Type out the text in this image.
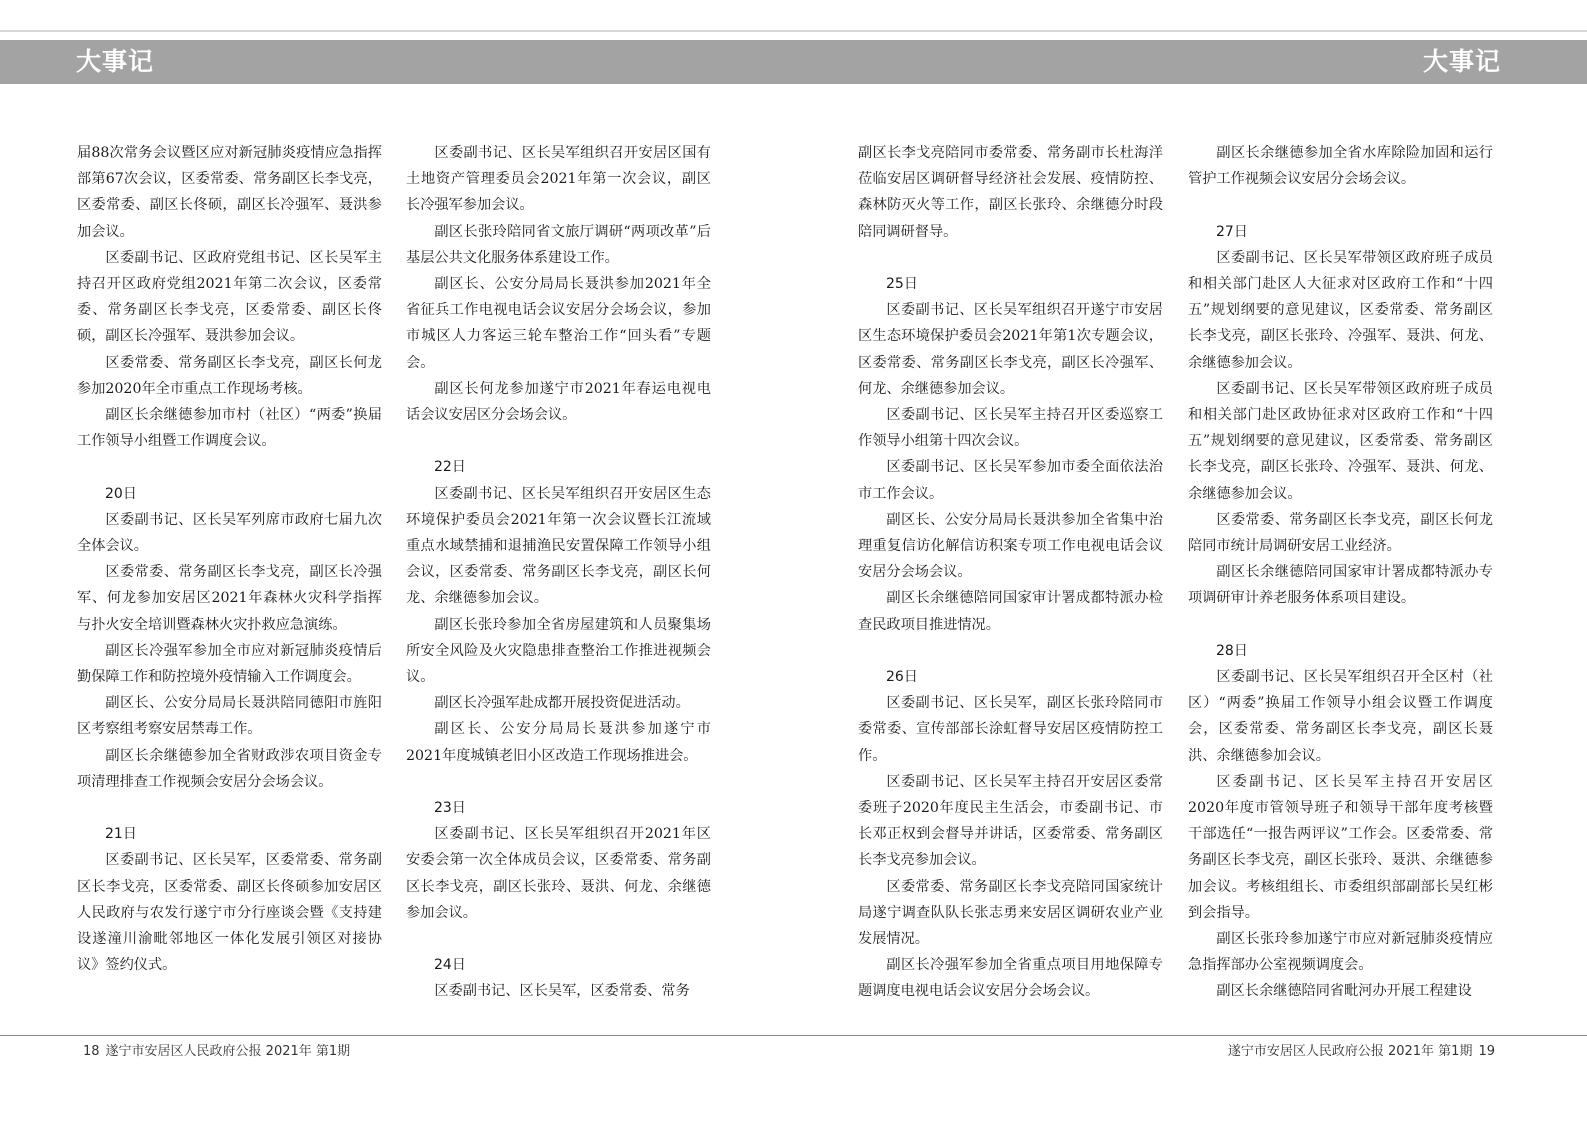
大事记	大事记

届88次常务会议暨区应对新冠肺炎疫情应急指挥部第67次会议，区委常委、常务副区长李戈亮，区委常委、副区长佟硕，副区长冷强军、聂洪参加会议。

区委副书记、区政府党组书记、区长吴军主持召开区政府党组2021年第二次会议，区委常委、常务副区长李戈亮，区委常委、副区长佟硕，副区长冷强军、聂洪参加会议。

区委常委、常务副区长李戈亮，副区长何龙参加2020年全市重点工作现场考核。

副区长余继德参加市村（社区）“两委”换届工作领导小组暨工作调度会议。

20日

区委副书记、区长吴军列席市政府七届九次全体会议。

区委常委、常务副区长李戈亮，副区长冷强军、何龙参加安居区2021年森林火灾科学指挥与扑火安全培训暨森林火灾扑救应急演练。

副区长冷强军参加全市应对新冠肺炎疫情后勤保障工作和防控境外疫情输入工作调度会。

副区长、公安分局局长聂洪陪同德阳市旌阳区考察组考察安居禁毒工作。

副区长余继德参加全省财政涉农项目资金专项清理排查工作视频会安居分会场会议。

21日

区委副书记、区长吴军，区委常委、常务副区长李戈亮，区委常委、副区长佟硕参加安居区人民政府与农发行遂宁市分行座谈会暨《支持建设遂潼川渝毗邻地区一体化发展引领区对接协议》签约仪式。

区委副书记、区长吴军组织召开安居区国有土地资产管理委员会2021年第一次会议，副区长冷强军参加会议。

副区长张玲陪同省文旅厅调研“两项改革”后基层公共文化服务体系建设工作。

副区长、公安分局局长聂洪参加2021年全省征兵工作电视电话会议安居分会场会议，参加市城区人力客运三轮车整治工作“回头看”专题会。

副区长何龙参加遂宁市2021年春运电视电话会议安居区分会场会议。

22日

区委副书记、区长吴军组织召开安居区生态环境保护委员会2021年第一次会议暨长江流域重点水域禁捕和退捕渔民安置保障工作领导小组会议，区委常委、常务副区长李戈亮，副区长何龙、余继德参加会议。

副区长张玲参加全省房屋建筑和人员聚集场所安全风险及火灾隐患排查整治工作推进视频会议。

副区长冷强军赴成都开展投资促进活动。

副区长、公安分局局长聂洪参加遂宁市2021年度城镇老旧小区改造工作现场推进会。

23日

区委副书记、区长吴军组织召开2021年区安委会第一次全体成员会议，区委常委、常务副区长李戈亮，副区长张玲、聂洪、何龙、余继德参加会议。

24日

区委副书记、区长吴军，区委常委、常务

副区长李戈亮陪同市委常委、常务副市长杜海洋莅临安居区调研督导经济社会发展、疫情防控、森林防灭火等工作，副区长张玲、余继德分时段陪同调研督导。

25日

区委副书记、区长吴军组织召开遂宁市安居区生态环境保护委员会2021年第1次专题会议，区委常委、常务副区长李戈亮，副区长冷强军、何龙、余继德参加会议。

区委副书记、区长吴军主持召开区委巡察工作领导小组第十四次会议。

区委副书记、区长吴军参加市委全面依法治市工作会议。

副区长、公安分局局长聂洪参加全省集中治理重复信访化解信访积案专项工作电视电话会议安居分会场会议。

副区长余继德陪同国家审计署成都特派办检查民政项目推进情况。

26日

区委副书记、区长吴军，副区长张玲陪同市委常委、宣传部部长涂虹督导安居区疫情防控工作。

区委副书记、区长吴军主持召开安居区委常委班子2020年度民主生活会，市委副书记、市长邓正权到会督导并讲话，区委常委、常务副区长李戈亮参加会议。

区委常委、常务副区长李戈亮陪同国家统计局遂宁调查队队长张志勇来安居区调研农业产业发展情况。

副区长冷强军参加全省重点项目用地保障专题调度电视电话会议安居分会场会议。

副区长余继德参加全省水库除险加固和运行管护工作视频会议安居分会场会议。

27日

区委副书记、区长吴军带领区政府班子成员和相关部门赴区人大征求对区政府工作和“十四五”规划纲要的意见建议，区委常委、常务副区长李戈亮，副区长张玲、冷强军、聂洪、何龙、余继德参加会议。

区委副书记、区长吴军带领区政府班子成员和相关部门赴区政协征求对区政府工作和“十四五”规划纲要的意见建议，区委常委、常务副区长李戈亮，副区长张玲、冷强军、聂洪、何龙、余继德参加会议。

区委常委、常务副区长李戈亮，副区长何龙陪同市统计局调研安居工业经济。

副区长余继德陪同国家审计署成都特派办专项调研审计养老服务体系项目建设。

28日

区委副书记、区长吴军组织召开全区村（社区）“两委”换届工作领导小组会议暨工作调度会，区委常委、常务副区长李戈亮，副区长聂洪、余继德参加会议。

区委副书记、区长吴军主持召开安居区2020年度市管领导班子和领导干部年度考核暨干部选任“一报告两评议”工作会。区委常委、常务副区长李戈亮，副区长张玲、聂洪、余继德参加会议。考核组组长、市委组织部副部长吴红彬到会指导。

副区长张玲参加遂宁市应对新冠肺炎疫情应急指挥部办公室视频调度会。

副区长余继德陪同省毗河办开展工程建设

18 遂宁市安居区人民政府公报 2021年 第1期	遂宁市安居区人民政府公报 2021年 第1期 19
